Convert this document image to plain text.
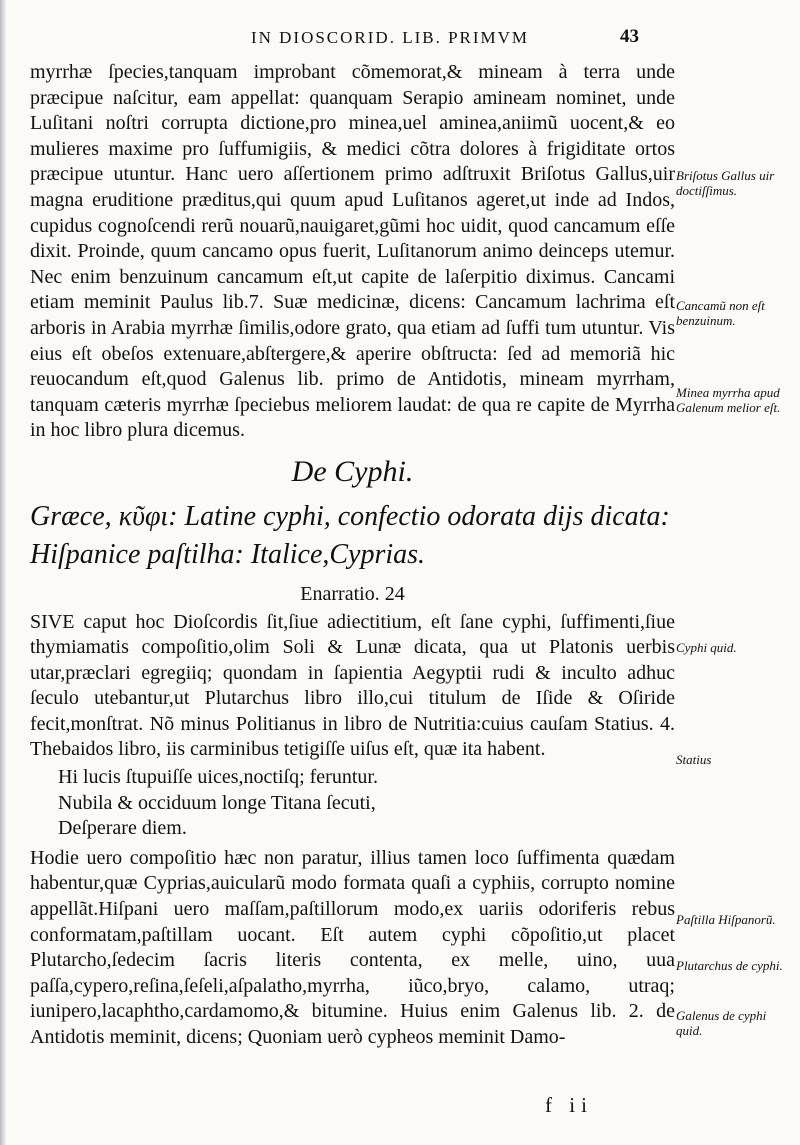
IN DIOSCORID. LIB. PRIMVM	43

myrrhæ ſpecies,tanquam improbant cõmemorat,& mineam à terra unde præcipue naſcitur, eam appellat: quanquam Serapio amineam nominet, unde Luſitani noſtri corrupta dictione,pro minea,uel aminea,aniimũ uocent,& eo mulieres maxime pro ſuffumigiis, & medici cõtra dolores à frigiditate ortos præcipue utuntur. Hanc uero aſſertionem primo adſtruxit Briſotus Gallus,uir magna eruditione præditus,qui quum apud Luſitanos ageret,ut inde ad Indos, cupidus cognoſcendi rerũ nouarũ,nauigaret,gũmi hoc uidit, quod cancamum eſſe dixit. Proinde, quum cancamo opus fuerit, Luſitanorum animo deinceps utemur. Nec enim benzuinum cancamum eſt,ut capite de laſerpitio diximus. Cancami etiam meminit Paulus lib.7. Suæ medicinæ, dicens: Cancamum lachrima eſt arboris in Arabia myrrhæ ſimilis,odore grato, qua etiam ad ſuffi tum utuntur. Vis eius eſt obeſos extenuare,abſtergere,& aperire obſtructa: ſed ad memoriã hic reuocandum eſt,quod Galenus lib. primo de Antidotis, mineam myrrham, tanquam cæteris myrrhæ ſpeciebus meliorem laudat: de qua re capite de Myrrha in hoc libro plura dicemus.

De Cyphi.

Græce, κῦφι: Latine cyphi, confectio odorata dijs dicata:

Hiſpanice paſtilha: Italice,Cyprias.

Enarratio. 24

SIVE caput hoc Dioſcordis ſit,ſiue adiectitium, eſt ſane cyphi, ſuffimenti,ſiue thymiamatis compoſitio,olim Soli & Lunæ dicata, qua ut Platonis uerbis utar,præclari egregiiq; quondam in ſapientia Aegyptii rudi & inculto adhuc ſeculo utebantur,ut Plutarchus libro illo,cui titulum de Iſide & Oſiride fecit,monſtrat. Nõ minus Politianus in libro de Nutritia:cuius cauſam Statius. 4. Thebaidos libro, iis carminibus tetigiſſe uiſus eſt, quæ ita habent.

Hi lucis ſtupuiſſe uices,noctiſq; feruntur.

Nubila & occiduum longe Titana ſecuti,

Deſperare diem.

Hodie uero compoſitio hæc non paratur, illius tamen loco ſuffimenta quædam habentur,quæ Cyprias,auicularũ modo formata quaſi a cyphiis, corrupto nomine appellãt.Hiſpani uero maſſam,paſtillorum modo,ex uariis odoriferis rebus conformatam,paſtillam uocant. Eſt autem cyphi cõpoſitio,ut placet Plutarcho,ſedecim ſacris literis contenta, ex melle, uino, uua paſſa,cypero,reſina,ſeſeli,aſpalatho,myrrha, iũco,bryo, calamo, utraq; iunipero,lacaphtho,cardamomo,& bitumine. Huius enim Galenus lib. 2. de Antidotis meminit, dicens; Quoniam uerò cypheos meminit Damo-

f ii
Briſotus Gallus uir doctiſſimus.
Cancamũ non eſt benzuinum.
Minea myrrha apud Galenum melior eſt.
Cyphi quid.
Statius
Paſtilla Hiſpanorũ.
Plutarchus de cyphi.
Galenus de cyphi quid.
